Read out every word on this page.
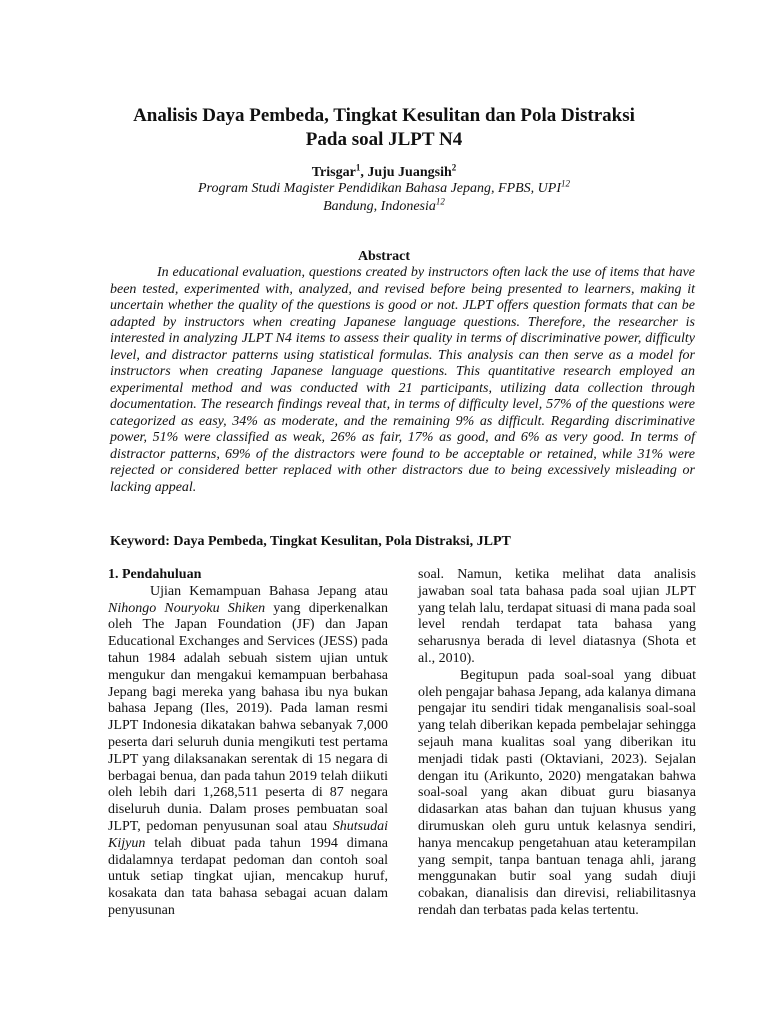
Analisis Daya Pembeda, Tingkat Kesulitan dan Pola Distraksi
Pada soal JLPT N4
Trisgar$^1$, Juju Juangsih$^2$
Program Studi Magister Pendidikan Bahasa Jepang, FPBS, UPI$^{12}$
Bandung, Indonesia$^{12}$
Abstract

In educational evaluation, questions created by instructors often lack the use of items that have been tested, experimented with, analyzed, and revised before being presented to learners, making it uncertain whether the quality of the questions is good or not. JLPT offers question formats that can be adapted by instructors when creating Japanese language questions. Therefore, the researcher is interested in analyzing JLPT N4 items to assess their quality in terms of discriminative power, difficulty level, and distractor patterns using statistical formulas. This analysis can then serve as a model for instructors when creating Japanese language questions. This quantitative research employed an experimental method and was conducted with 21 participants, utilizing data collection through documentation. The research findings reveal that, in terms of difficulty level, 57% of the questions were categorized as easy, 34% as moderate, and the remaining 9% as difficult. Regarding discriminative power, 51% were classified as weak, 26% as fair, 17% as good, and 6% as very good. In terms of distractor patterns, 69% of the distractors were found to be acceptable or retained, while 31% were rejected or considered better replaced with other distractors due to being excessively misleading or lacking appeal.

Keyword: Daya Pembeda, Tingkat Kesulitan, Pola Distraksi, JLPT
1. Pendahuluan

Ujian Kemampuan Bahasa Jepang atau Nihongo Nouryoku Shiken yang diperkenalkan oleh The Japan Foundation (JF) dan Japan Educational Exchanges and Services (JESS) pada tahun 1984 adalah sebuah sistem ujian untuk mengukur dan mengakui kemampuan berbahasa Jepang bagi mereka yang bahasa ibu nya bukan bahasa Jepang (Iles, 2019). Pada laman resmi JLPT Indonesia dikatakan bahwa sebanyak 7,000 peserta dari seluruh dunia mengikuti test pertama JLPT yang dilaksanakan serentak di 15 negara di berbagai benua, dan pada tahun 2019 telah diikuti oleh lebih dari 1,268,511 peserta di 87 negara diseluruh dunia. Dalam proses pembuatan soal JLPT, pedoman penyusunan soal atau Shutsudai Kijyun telah dibuat pada tahun 1994 dimana didalamnya terdapat pedoman dan contoh soal untuk setiap tingkat ujian, mencakup huruf, kosakata dan tata bahasa sebagai acuan dalam penyusunan

soal. Namun, ketika melihat data analisis jawaban soal tata bahasa pada soal ujian JLPT yang telah lalu, terdapat situasi di mana pada soal level rendah terdapat tata bahasa yang seharusnya berada di level diatasnya (Shota et al., 2010).

Begitupun pada soal-soal yang dibuat oleh pengajar bahasa Jepang, ada kalanya dimana pengajar itu sendiri tidak menganalisis soal-soal yang telah diberikan kepada pembelajar sehingga sejauh mana kualitas soal yang diberikan itu menjadi tidak pasti (Oktaviani, 2023). Sejalan dengan itu (Arikunto, 2020) mengatakan bahwa soal-soal yang akan dibuat guru biasanya didasarkan atas bahan dan tujuan khusus yang dirumuskan oleh guru untuk kelasnya sendiri, hanya mencakup pengetahuan atau keterampilan yang sempit, tanpa bantuan tenaga ahli, jarang menggunakan butir soal yang sudah diuji cobakan, dianalisis dan direvisi, reliabilitasnya rendah dan terbatas pada kelas tertentu.
